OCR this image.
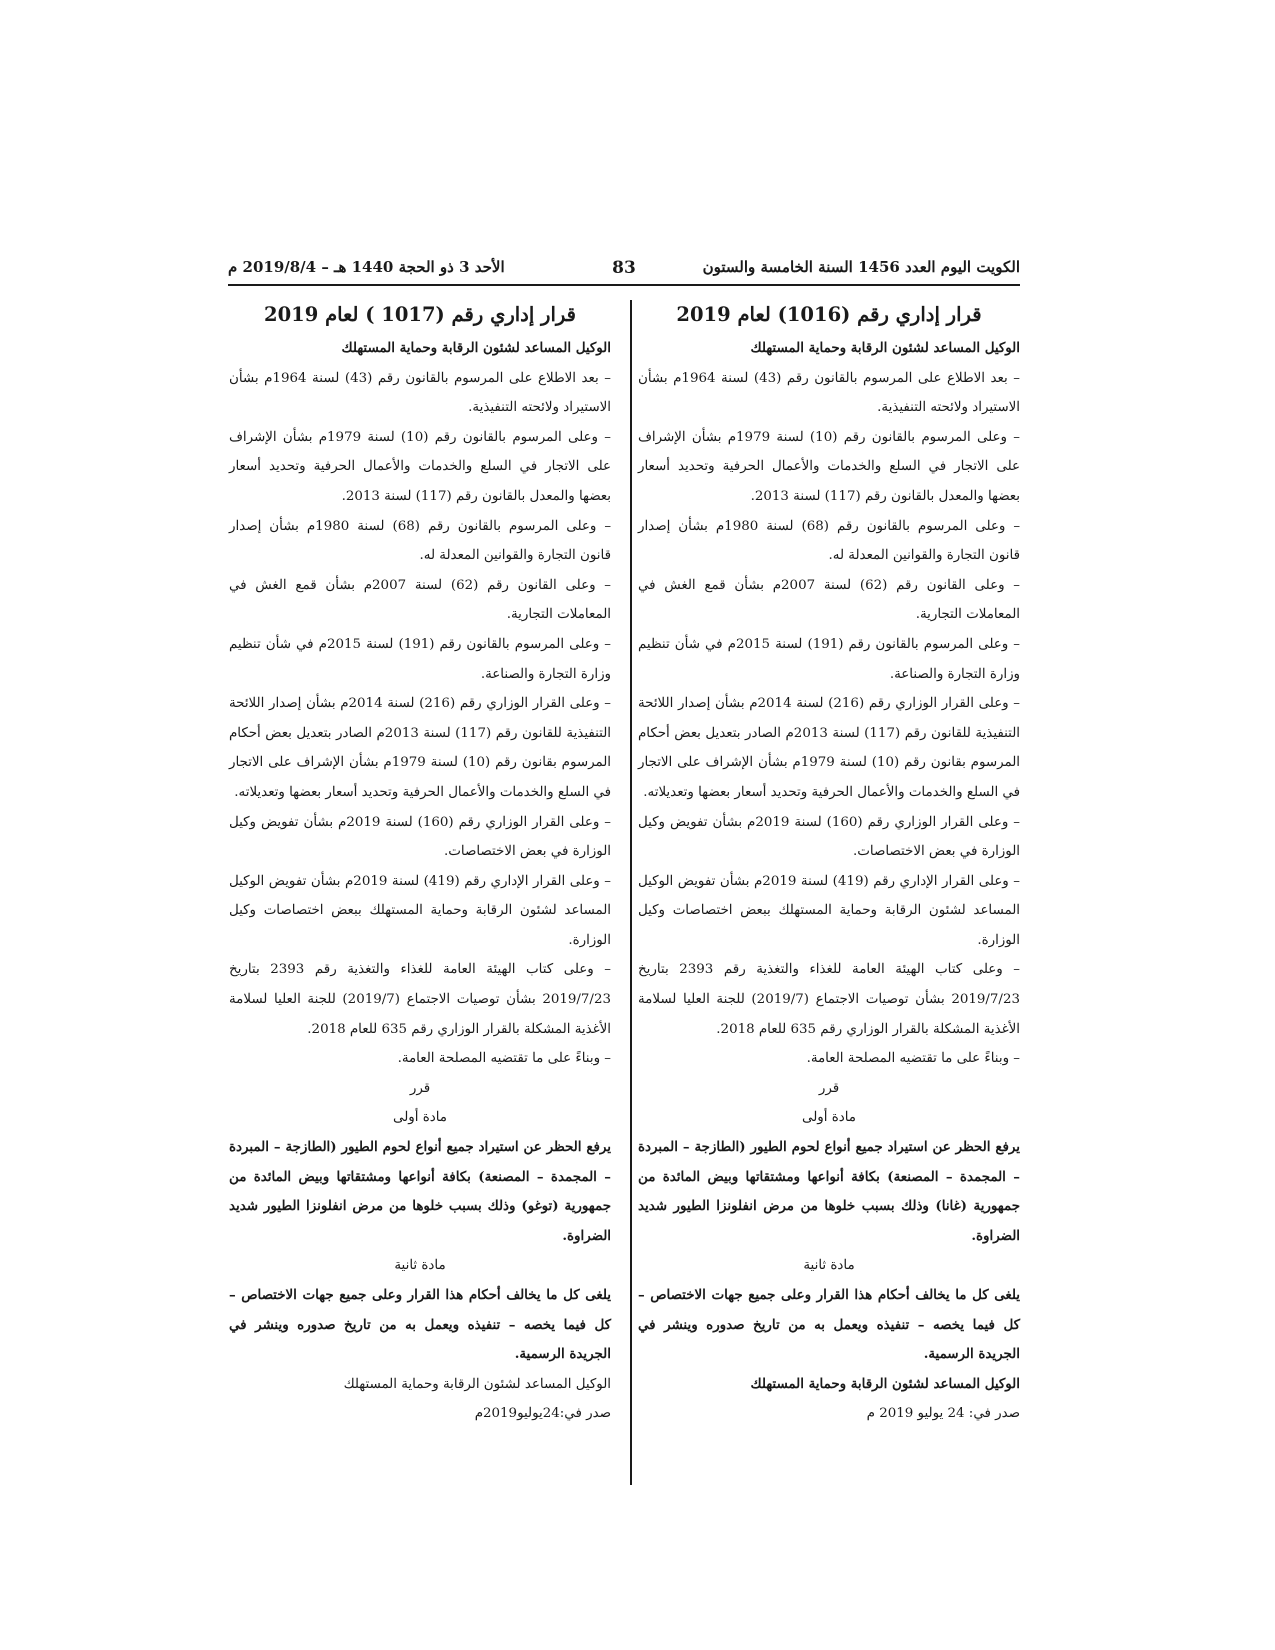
الكويت اليوم العدد 1456 السنة الخامسة والستون
83
الأحد 3 ذو الحجة 1440 هـ – 2019/8/4 م

قرار إداري رقم (1016) لعام 2019

الوكيل المساعد لشئون الرقابة وحماية المستهلك

– بعد الاطلاع على المرسوم بالقانون رقم (43) لسنة 1964م بشأن الاستيراد ولائحته التنفيذية.

– وعلى المرسوم بالقانون رقم (10) لسنة 1979م بشأن الإشراف على الاتجار في السلع والخدمات والأعمال الحرفية وتحديد أسعار بعضها والمعدل بالقانون رقم (117) لسنة 2013.

– وعلى المرسوم بالقانون رقم (68) لسنة 1980م بشأن إصدار قانون التجارة والقوانين المعدلة له.

– وعلى القانون رقم (62) لسنة 2007م بشأن قمع الغش في المعاملات التجارية.

– وعلى المرسوم بالقانون رقم (191) لسنة 2015م في شأن تنظيم وزارة التجارة والصناعة.

– وعلى القرار الوزاري رقم (216) لسنة 2014م بشأن إصدار اللائحة التنفيذية للقانون رقم (117) لسنة 2013م الصادر بتعديل بعض أحكام المرسوم بقانون رقم (10) لسنة 1979م بشأن الإشراف على الاتجار في السلع والخدمات والأعمال الحرفية وتحديد أسعار بعضها وتعديلاته.

– وعلى القرار الوزاري رقم (160) لسنة 2019م بشأن تفويض وكيل الوزارة في بعض الاختصاصات.

– وعلى القرار الإداري رقم (419) لسنة 2019م بشأن تفويض الوكيل المساعد لشئون الرقابة وحماية المستهلك ببعض اختصاصات وكيل الوزارة.

– وعلى كتاب الهيئة العامة للغذاء والتغذية رقم 2393 بتاريخ 2019/7/23 بشأن توصيات الاجتماع (2019/7) للجنة العليا لسلامة الأغذية المشكلة بالقرار الوزاري رقم 635 للعام 2018.

– وبناءً على ما تقتضيه المصلحة العامة.

قرر

مادة أولى

يرفع الحظر عن استيراد جميع أنواع لحوم الطيور (الطازجة – المبردة – المجمدة – المصنعة) بكافة أنواعها ومشتقاتها وبيض المائدة من جمهورية (غانا) وذلك بسبب خلوها من مرض انفلونزا الطيور شديد الضراوة.

مادة ثانية

يلغى كل ما يخالف أحكام هذا القرار وعلى جميع جهات الاختصاص – كل فيما يخصه – تنفيذه ويعمل به من تاريخ صدوره وينشر في الجريدة الرسمية.

الوكيل المساعد لشئون الرقابة وحماية المستهلك

صدر في: 24 يوليو 2019 م

قرار إداري رقم (1017 ) لعام 2019

الوكيل المساعد لشئون الرقابة وحماية المستهلك

– بعد الاطلاع على المرسوم بالقانون رقم (43) لسنة 1964م بشأن الاستيراد ولائحته التنفيذية.

– وعلى المرسوم بالقانون رقم (10) لسنة 1979م بشأن الإشراف على الاتجار في السلع والخدمات والأعمال الحرفية وتحديد أسعار بعضها والمعدل بالقانون رقم (117) لسنة 2013.

– وعلى المرسوم بالقانون رقم (68) لسنة 1980م بشأن إصدار قانون التجارة والقوانين المعدلة له.

– وعلى القانون رقم (62) لسنة 2007م بشأن قمع الغش في المعاملات التجارية.

– وعلى المرسوم بالقانون رقم (191) لسنة 2015م في شأن تنظيم وزارة التجارة والصناعة.

– وعلى القرار الوزاري رقم (216) لسنة 2014م بشأن إصدار اللائحة التنفيذية للقانون رقم (117) لسنة 2013م الصادر بتعديل بعض أحكام المرسوم بقانون رقم (10) لسنة 1979م بشأن الإشراف على الاتجار في السلع والخدمات والأعمال الحرفية وتحديد أسعار بعضها وتعديلاته.

– وعلى القرار الوزاري رقم (160) لسنة 2019م بشأن تفويض وكيل الوزارة في بعض الاختصاصات.

– وعلى القرار الإداري رقم (419) لسنة 2019م بشأن تفويض الوكيل المساعد لشئون الرقابة وحماية المستهلك ببعض اختصاصات وكيل الوزارة.

– وعلى كتاب الهيئة العامة للغذاء والتغذية رقم 2393 بتاريخ 2019/7/23 بشأن توصيات الاجتماع (2019/7) للجنة العليا لسلامة الأغذية المشكلة بالقرار الوزاري رقم 635 للعام 2018.

– وبناءً على ما تقتضيه المصلحة العامة.

قرر

مادة أولى

يرفع الحظر عن استيراد جميع أنواع لحوم الطيور (الطازجة – المبردة – المجمدة – المصنعة) بكافة أنواعها ومشتقاتها وبيض المائدة من جمهورية (توغو) وذلك بسبب خلوها من مرض انفلونزا الطيور شديد الضراوة.

مادة ثانية

يلغى كل ما يخالف أحكام هذا القرار وعلى جميع جهات الاختصاص – كل فيما يخصه – تنفيذه ويعمل به من تاريخ صدوره وينشر في الجريدة الرسمية.

الوكيل المساعد لشئون الرقابة وحماية المستهلك

صدر في:24يوليو2019م
